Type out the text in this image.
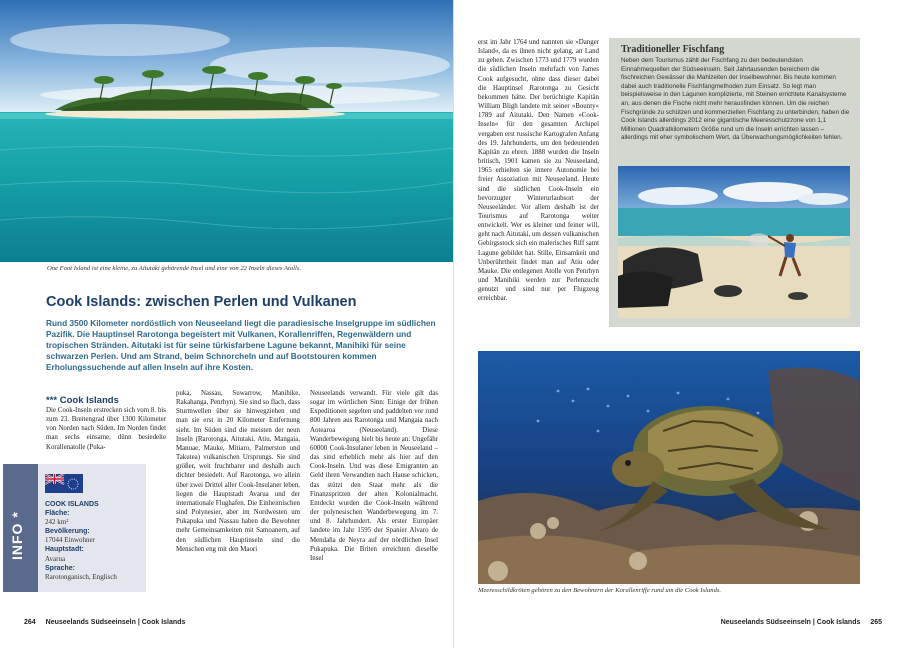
One Foot Island ist eine kleine, zu Aitutaki gehörende Insel und eine von 22 Inseln dieses Atolls.
Cook Islands: zwischen Perlen und Vulkanen
Rund 3500 Kilometer nordöstlich von Neuseeland liegt die paradiesische Inselgruppe im südlichen Pazifik. Die Hauptinsel Rarotonga begeistert mit Vulkanen, Korallenriffen, Regenwäldern und tropischen Stränden. Aitutaki ist für seine türkisfarbene Lagune bekannt, Manihiki für seine schwarzen Perlen. Und am Strand, beim Schnorcheln und auf Bootstouren kommen Erholungssuchende auf allen Inseln auf ihre Kosten.
*** Cook Islands
Die Cook-Inseln erstrecken sich vom 8. bis zum 23. Breitengrad über 1300 Kilometer von Norden nach Süden. Im Norden findet man sechs einsame, dünn besiedelte Korallenatolle (Puka-
puka, Nassau, Suwarrow, Manihike, Rakahanga, Penrhyn). Sie sind so flach, dass Sturmwellen über sie hinwegziehen und man sie erst in 20 Kilometer Entfernung sieht. Im Süden sind die meisten der neun Inseln (Rarotonga, Aitutaki, Atiu, Mangaia, Manuae, Mauke, Mitiaro, Palmerston und Takutea) vulkanischen Ursprungs. Sie sind größer, weit fruchtbarer und deshalb auch dichter besiedelt. Auf Rarotonga, wo allein über zwei Drittel aller Cook-Insulaner leben, liegen die Hauptstadt Avarua und der internationale Flughafen. Die Einheimischen sind Polynesier, aber im Nordwesten um Pukapuka und Nassau haben die Bewohner mehr Gemeinsamkeiten mit Samoanern, auf den südlichen Hauptinseln sind die Menschen eng mit den Maori
Neuseelands verwandt. Für viele gilt das sogar im wörtlichen Sinn: Einige der frühen Expeditionen segelten und paddelten vor rund 800 Jahren aus Rarotonga und Mangaia nach Aotearoa (Neuseeland). Diese Wanderbewegung hielt bis heute an: Ungefähr 60000 Cook-Insulaner leben in Neuseeland – das sind erheblich mehr als hier auf den Cook-Inseln. Und was diese Emigranten an Geld ihren Verwandten nach Hause schicken, das stützt den Staat mehr als die Finanzspritzen der alten Kolonialmacht. Entdeckt wurden die Cook-Inseln während der polynesischen Wanderbewegung im 7. und 8. Jahrhundert. Als erster Europäer landete im Jahr 1595 der Spanier Alvaro de Mendaña de Neyra auf der nördlichen Insel Pukapuka. Die Briten erreichten dieselbe Insel
INFO *
COOK ISLANDS
Fläche:
242 km²
Bevölkerung:
17044 Einwohner
Hauptstadt:
Avarua
Sprache:
Rarotonganisch, Englisch
264 Neuseelands Südseeinseln | Cook Islands
erst im Jahr 1764 und nannten sie »Danger Island«, da es ihnen nicht gelang, an Land zu gehen. Zwischen 1773 und 1779 wurden die südlichen Inseln mehrfach von James Cook aufgesucht, ohne dass dieser dabei die Hauptinsel Rarotonga zu Gesicht bekommen hätte. Der berüchtigte Kapitän William Bligh landete mit seiner »Bounty« 1789 auf Aitutaki. Den Namen »Cook-Inseln« für den gesamten Archipel vergaben erst russische Kartografen Anfang des 19. Jahrhunderts, um den bedeutenden Kapitän zu ehren. 1888 wurden die Inseln britisch, 1901 kamen sie zu Neuseeland, 1965 erhielten sie innere Autonomie bei freier Assoziation mit Neuseeland. Heute sind die südlichen Cook-Inseln ein bevorzugter Winterurlaubsort der Neuseeländer. Vor allem deshalb ist der Tourismus auf Rarotonga weiter entwickelt. Wer es kleiner und feiner will, geht nach Aitutaki, um dessen vulkanischen Gebirgsstock sich ein malerisches Riff samt Lagune gebildet hat. Stille, Einsamkeit und Unberührtheit findet man auf Atiu oder Mauke. Die entlegenen Atolle von Penrhyn und Manihiki werden zur Perlenzucht genutzt und sind nur per Flugzeug erreichbar.
Traditioneller Fischfang
Neben dem Tourismus zählt der Fischfang zu den bedeutendsten Einnahmequellen der Südseeinseln. Seit Jahrtausenden bereichern die fischreichen Gewässer die Mahlzeiten der Inselbewohner. Bis heute kommen dabei auch traditionelle Fischfangmethoden zum Einsatz. So legt man beispielsweise in den Lagunen komplizierte, mit Steinen errichtete Kanalsysteme an, aus denen die Fische nicht mehr herausfinden können. Um die reichen Fischgründe zu schützen und kommerziellen Fischfang zu unterbinden, haben die Cook Islands allerdings 2012 eine gigantische Meeresschutzzone von 1,1 Millionen Quadratkilometern Größe rund um die Inseln errichten lassen – allerdings mit eher symbolischem Wert, da Überwachungsmöglichkeiten fehlen.
Meeresschildkröten gehören zu den Bewohnern der Korallenriffe rund um die Cook Islands.
Neuseelands Südseeinseln | Cook Islands 265
